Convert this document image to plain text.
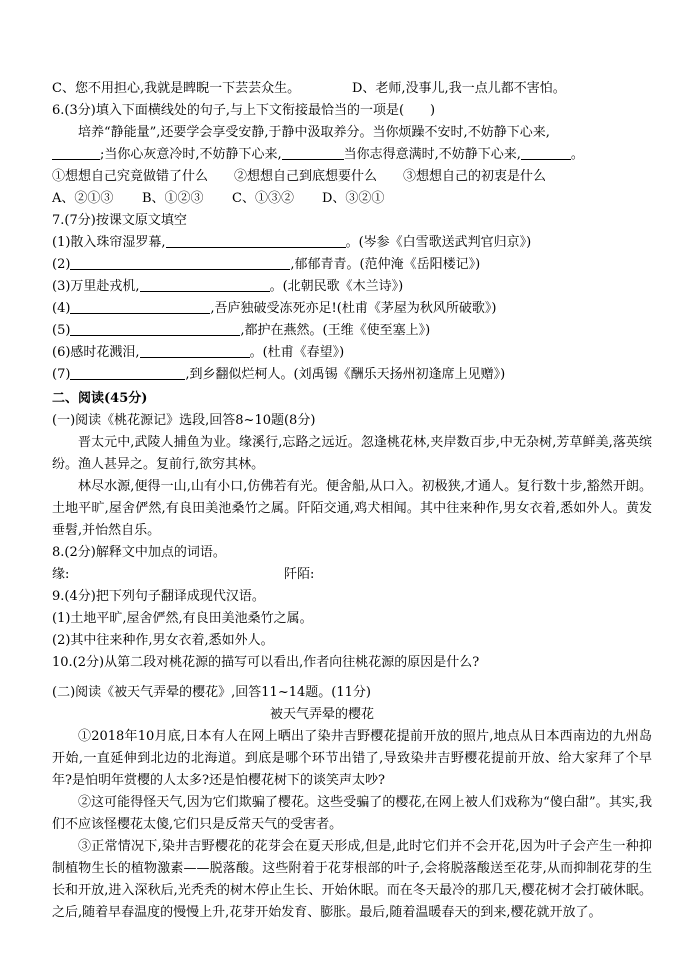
C、您不用担心,我就是睥睨一下芸芸众生。	D、老师,没事儿,我一点儿都不害怕。
6.(3分)填入下面横线处的句子,与上下文衔接最恰当的一项是(　　)
培养“静能量”,还要学会享受安静,于静中汲取养分。当你烦躁不安时,不妨静下心来,
;当你心灰意冷时,不妨静下心来,	当你志得意满时,不妨静下心来,	。
①想想自己究竟做错了什么　　②想想自己到底想要什么　　③想想自己的初衷是什么
A、②①③ B、①②③ C、①③② D、③②①
7.(7分)按课文原文填空
(1)散入珠帘湿罗幕,	。(岑参《白雪歌送武判官归京》)
(2)	,郁郁青青。(范仲淹《岳阳楼记》)
(3)万里赴戎机,	。(北朝民歌《木兰诗》)
(4)	,吾庐独破受冻死亦足!(杜甫《茅屋为秋风所破歌》)
(5)	,都护在燕然。(王维《使至塞上》)
(6)感时花溅泪,	。(杜甫《春望》)
(7)	,到乡翻似烂柯人。(刘禹锡《酬乐天扬州初逢席上见赠》)
二、阅读(45分)
(一)阅读《桃花源记》选段,回答8~10题(8分)
晋太元中,武陵人捕鱼为业。缘溪行,忘路之远近。忽逢桃花林,夹岸数百步,中无杂树,芳草鲜美,落英缤纷。渔人甚异之。复前行,欲穷其林。
林尽水源,便得一山,山有小口,仿佛若有光。便舍船,从口入。初极狭,才通人。复行数十步,豁然开朗。土地平旷,屋舍俨然,有良田美池桑竹之属。阡陌交通,鸡犬相闻。其中往来种作,男女衣着,悉如外人。黄发垂髫,并怡然自乐。
8.(2分)解释文中加点的词语。
缘:	阡陌:
9.(4分)把下列句子翻译成现代汉语。
(1)土地平旷,屋舍俨然,有良田美池桑竹之属。
(2)其中往来种作,男女衣着,悉如外人。
10.(2分)从第二段对桃花源的描写可以看出,作者向往桃花源的原因是什么?
(二)阅读《被天气弄晕的樱花》,回答11~14题。(11分)
被天气弄晕的樱花
①2018年10月底,日本有人在网上晒出了染井吉野樱花提前开放的照片,地点从日本西南边的九州岛开始,一直延伸到北边的北海道。到底是哪个环节出错了,导致染井吉野樱花提前开放、给大家拜了个早年?是怕明年赏樱的人太多?还是怕樱花树下的谈笑声太吵?
②这可能得怪天气,因为它们欺骗了樱花。这些受骗了的樱花,在网上被人们戏称为“傻白甜”。其实,我们不应该怪樱花太傻,它们只是反常天气的受害者。
③正常情况下,染井吉野樱花的花芽会在夏天形成,但是,此时它们并不会开花,因为叶子会产生一种抑制植物生长的植物激素——脱落酸。这些附着于花芽根部的叶子,会将脱落酸送至花芽,从而抑制花芽的生长和开放,进入深秋后,光秃秃的树木停止生长、开始休眠。而在冬天最冷的那几天,樱花树才会打破休眠。之后,随着早春温度的慢慢上升,花芽开始发育、膨胀。最后,随着温暖春天的到来,樱花就开放了。
